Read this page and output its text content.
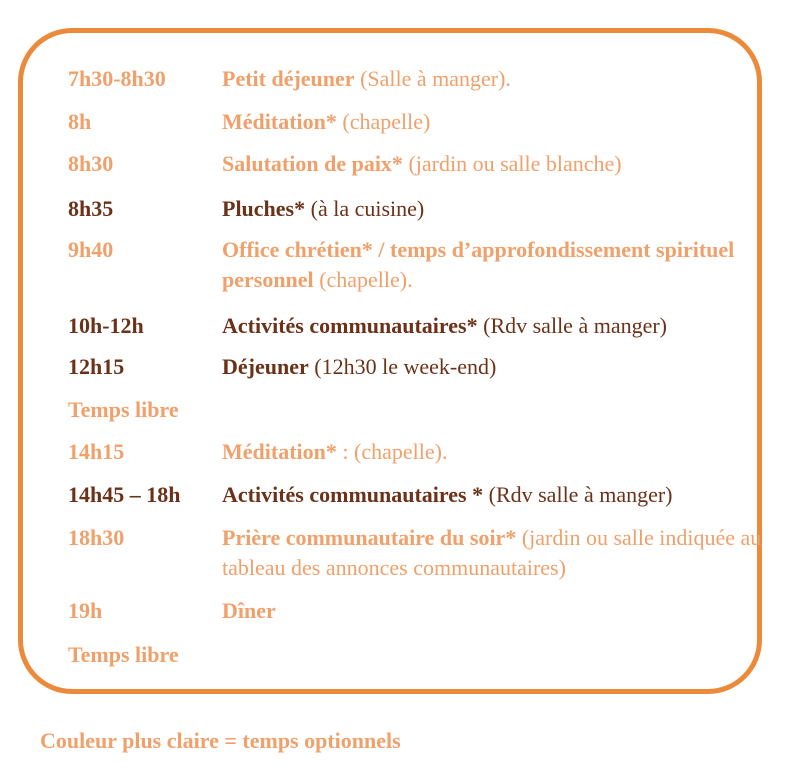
7h30-8h30	Petit déjeuner (Salle à manger).
8h	Méditation* (chapelle)
8h30	Salutation de paix* (jardin ou salle blanche)
8h35	Pluches* (à la cuisine)
9h40	Office chrétien* / temps d’approfondissement spirituel personnel (chapelle).
10h-12h	Activités communautaires* (Rdv salle à manger)
12h15	Déjeuner (12h30 le week-end)
Temps libre
14h15	Méditation* : (chapelle).
14h45 – 18h Activités communautaires * (Rdv salle à manger)
18h30	Prière communautaire du soir* (jardin ou salle indiquée au tableau des annonces communautaires)
19h	Dîner
Temps libre
Couleur plus claire = temps optionnels
